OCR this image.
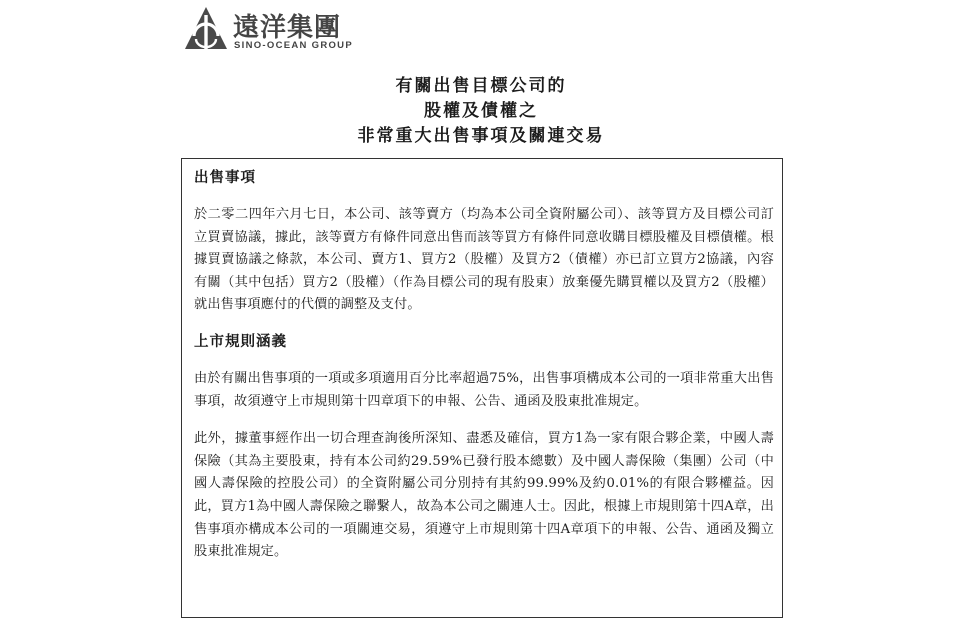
遠洋集團
SINO-OCEAN GROUP
有關出售目標公司的
股權及債權之
非常重大出售事項及關連交易
出售事項
於二零二四年六月七日，本公司、該等賣方（均為本公司全資附屬公司）、該等買方及目標公司訂立買賣協議，據此，該等賣方有條件同意出售而該等買方有條件同意收購目標股權及目標債權。根據買賣協議之條款，本公司、賣方1、買方2（股權）及買方2（債權）亦已訂立買方2協議，內容有關（其中包括）買方2（股權）（作為目標公司的現有股東）放棄優先購買權以及買方2（股權）就出售事項應付的代價的調整及支付。
上市規則涵義
由於有關出售事項的一項或多項適用百分比率超過75%，出售事項構成本公司的一項非常重大出售事項，故須遵守上市規則第十四章項下的申報、公告、通函及股東批准規定。
此外，據董事經作出一切合理查詢後所深知、盡悉及確信，買方1為一家有限合夥企業，中國人壽保險（其為主要股東，持有本公司約29.59%已發行股本總數）及中國人壽保險（集團）公司（中國人壽保險的控股公司）的全資附屬公司分別持有其約99.99%及約0.01%的有限合夥權益。因此，買方1為中國人壽保險之聯繫人，故為本公司之關連人士。因此，根據上市規則第十四A章，出售事項亦構成本公司的一項關連交易，須遵守上市規則第十四A章項下的申報、公告、通函及獨立股東批准規定。
